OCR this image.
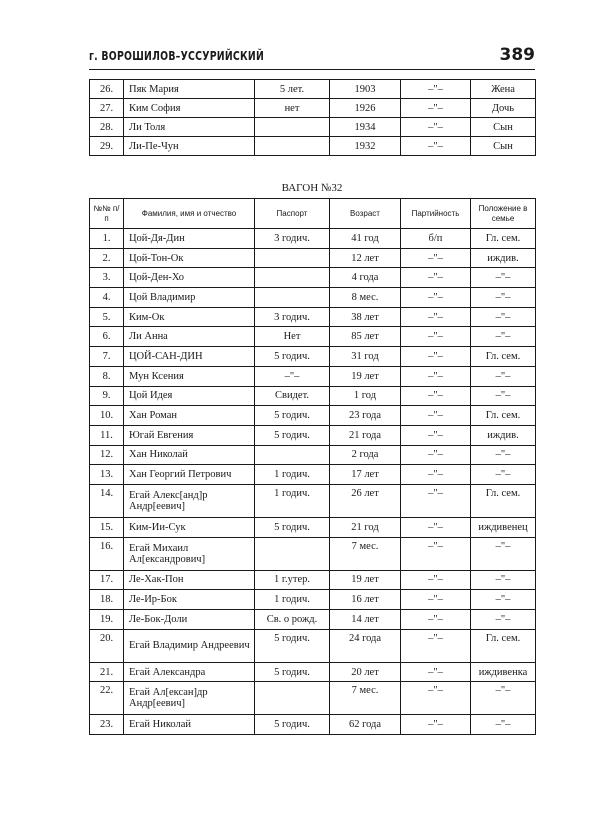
г. ВОРОШИЛОВ–УССУРИЙСКИЙ	389
26.	Пяк Мария	5 лет.	1903	–"–	Жена
27.	Ким София	нет	1926	–"–	Дочь
28.	Ли Толя		1934	–"–	Сын
29.	Ли-Пе-Чун		1932	–"–	Сын
ВАГОН №32
№№ п/п	Фамилия, имя и отчество	Паспорт	Возраст	Партийность	Положение в семье
1.	Цой-Дя-Дин	3 годич.	41 год	б/п	Гл. сем.
2.	Цой-Тон-Ок		12 лет	–"–	иждив.
3.	Цой-Ден-Хо		4 года	–"–	–"–
4.	Цой Владимир		8 мес.	–"–	–"–
5.	Ким-Ок	3 годич.	38 лет	–"–	–"–
6.	Ли Анна	Нет	85 лет	–"–	–"–
7.	ЦОЙ-САН-ДИН	5 годич.	31 год	–"–	Гл. сем.
8.	Мун Ксения	–"–	19 лет	–"–	–"–
9.	Цой Идея	Свидет.	1 год	–"–	–"–
10.	Хан Роман	5 годич.	23 года	–"–	Гл. сем.
11.	Югай Евгения	5 годич.	21 года	–"–	иждив.
12.	Хан Николай		2 года	–"–	–"–
13.	Хан Георгий Петрович	1 годич.	17 лет	–"–	–"–
14.	Егай Алекс[анд]р Андр[еевич]	1 годич.	26 лет	–"–	Гл. сем.
15.	Ким-Ии-Сук	5 годич.	21 год	–"–	иждивенец
16.	Егай Михаил Ал[ександрович]		7 мес.	–"–	–"–
17.	Ле-Хак-Пон	1 г.утер.	19 лет	–"–	–"–
18.	Ле-Ир-Бок	1 годич.	16 лет	–"–	–"–
19.	Ле-Бок-Доли	Св. о рожд.	14 лет	–"–	–"–
20.	Егай Владимир Андреевич	5 годич.	24 года	–"–	Гл. сем.
21.	Егай Александра	5 годич.	20 лет	–"–	иждивенка
22.	Егай Ал[ексан]др Андр[еевич]		7 мес.	–"–	–"–
23.	Егай Николай	5 годич.	62 года	–"–	–"–
